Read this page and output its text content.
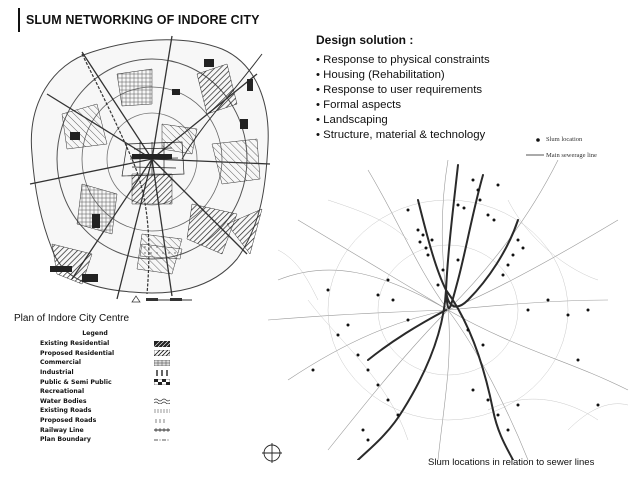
SLUM NETWORKING OF INDORE CITY
Design solution :
• Response to physical constraints
• Housing (Rehabilitation)
• Response to user requirements
• Formal aspects
• Landscaping
• Structure, material & technology
Plan of Indore City Centre
Legend
Existing Residential
Proposed Residential
Commercial
Industrial
Public & Semi Public
Recreational
Water Bodies
Existing Roads
Proposed Roads
Railway Line
Plan Boundary
Slum location
Main sewerage line
Slum locations in relation to sewer lines
